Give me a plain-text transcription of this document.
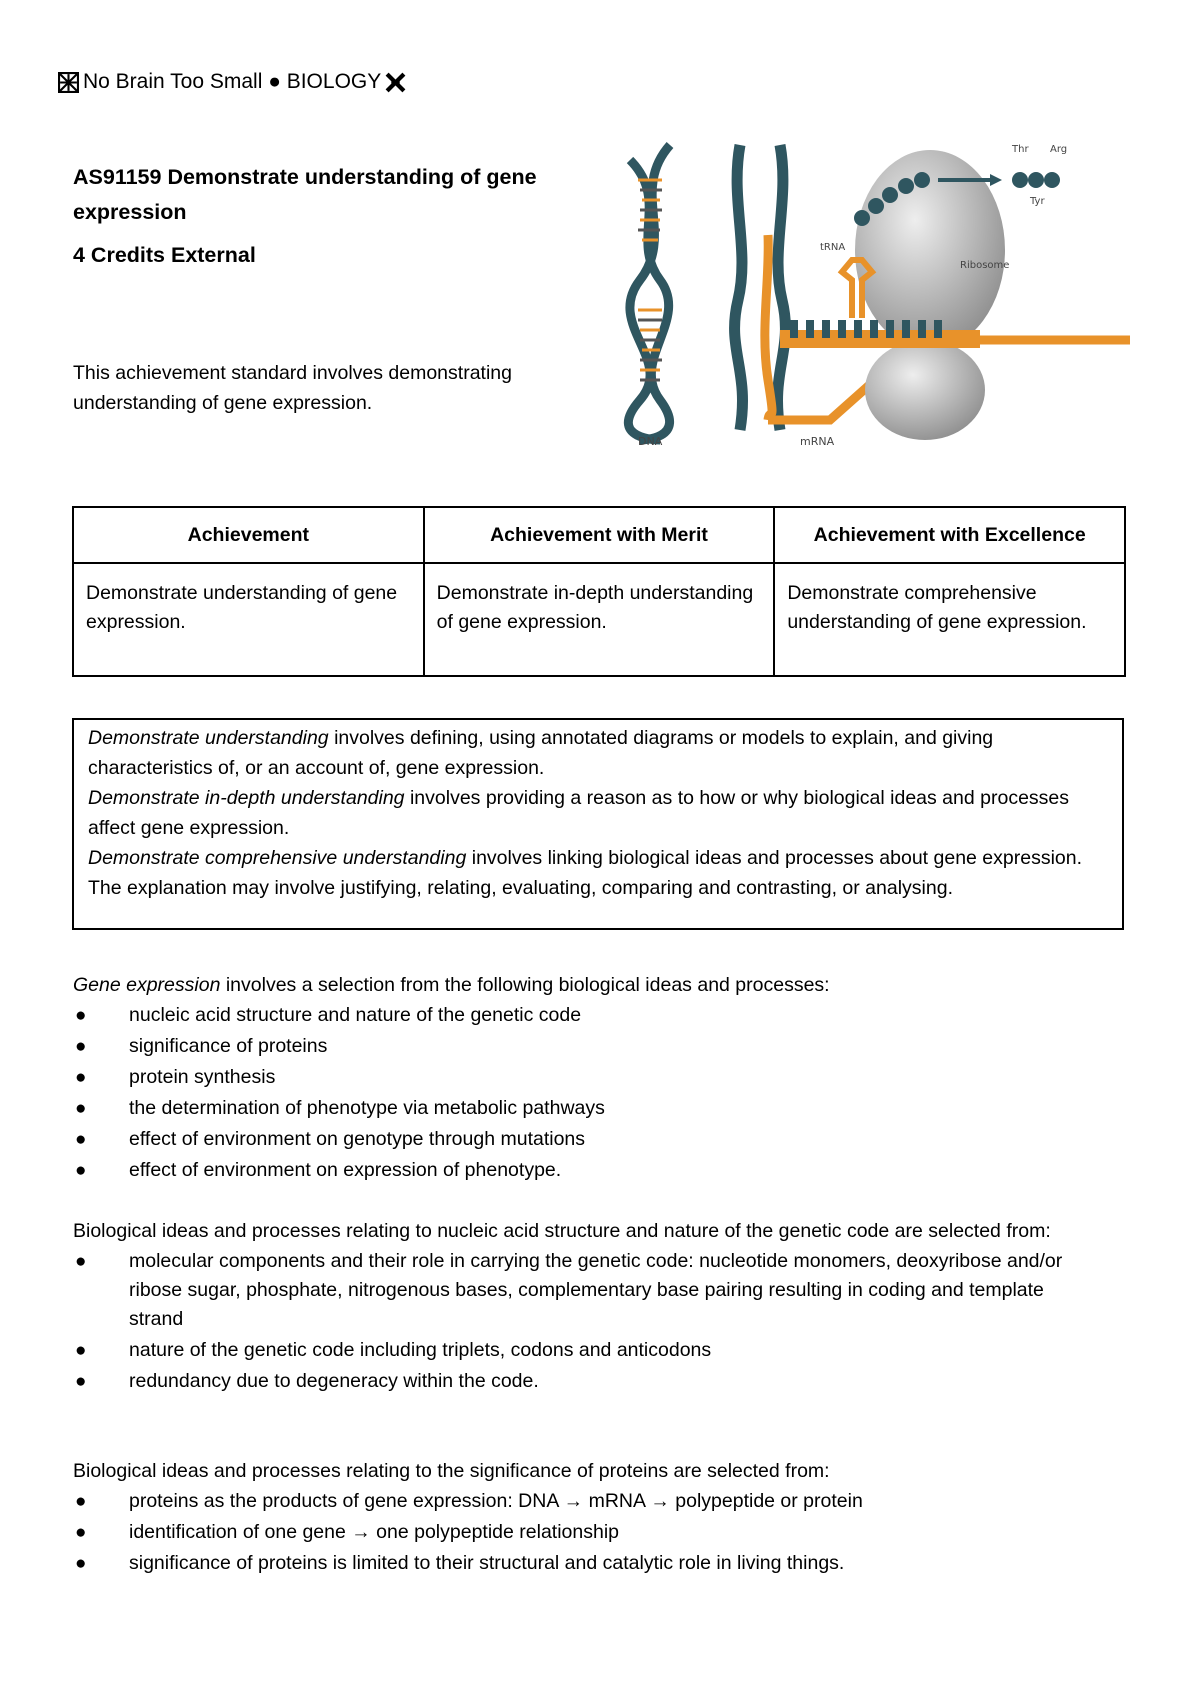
No Brain Too Small ● BIOLOGY
AS91159 Demonstrate understanding of gene expression
4 Credits External
This achievement standard involves demonstrating understanding of gene expression.
DNA	mRNA
Amino Acids
tRNA
Ribosome
Thr Arg
Tyr
Achievement	Achievement with Merit	Achievement with Excellence
Demonstrate understanding of gene expression.	Demonstrate in-depth understanding of gene expression.	Demonstrate comprehensive understanding of gene expression.

Demonstrate understanding involves defining, using annotated diagrams or models to explain, and giving characteristics of, or an account of, gene expression.

Demonstrate in-depth understanding involves providing a reason as to how or why biological ideas and processes affect gene expression.

Demonstrate comprehensive understanding involves linking biological ideas and processes about gene expression. The explanation may involve justifying, relating, evaluating, comparing and contrasting, or analysing.

Gene expression involves a selection from the following biological ideas and processes:

● nucleic acid structure and nature of the genetic code
● significance of proteins
● protein synthesis
● the determination of phenotype via metabolic pathways
● effect of environment on genotype through mutations
● effect of environment on expression of phenotype.

Biological ideas and processes relating to nucleic acid structure and nature of the genetic code are selected from:

● molecular components and their role in carrying the genetic code: nucleotide monomers, deoxyribose and/or ribose sugar, phosphate, nitrogenous bases, complementary base pairing resulting in coding and template strand
● nature of the genetic code including triplets, codons and anticodons
● redundancy due to degeneracy within the code.

Biological ideas and processes relating to the significance of proteins are selected from:

● proteins as the products of gene expression: DNA → mRNA → polypeptide or protein
● identification of one gene → one polypeptide relationship
● significance of proteins is limited to their structural and catalytic role in living things.
